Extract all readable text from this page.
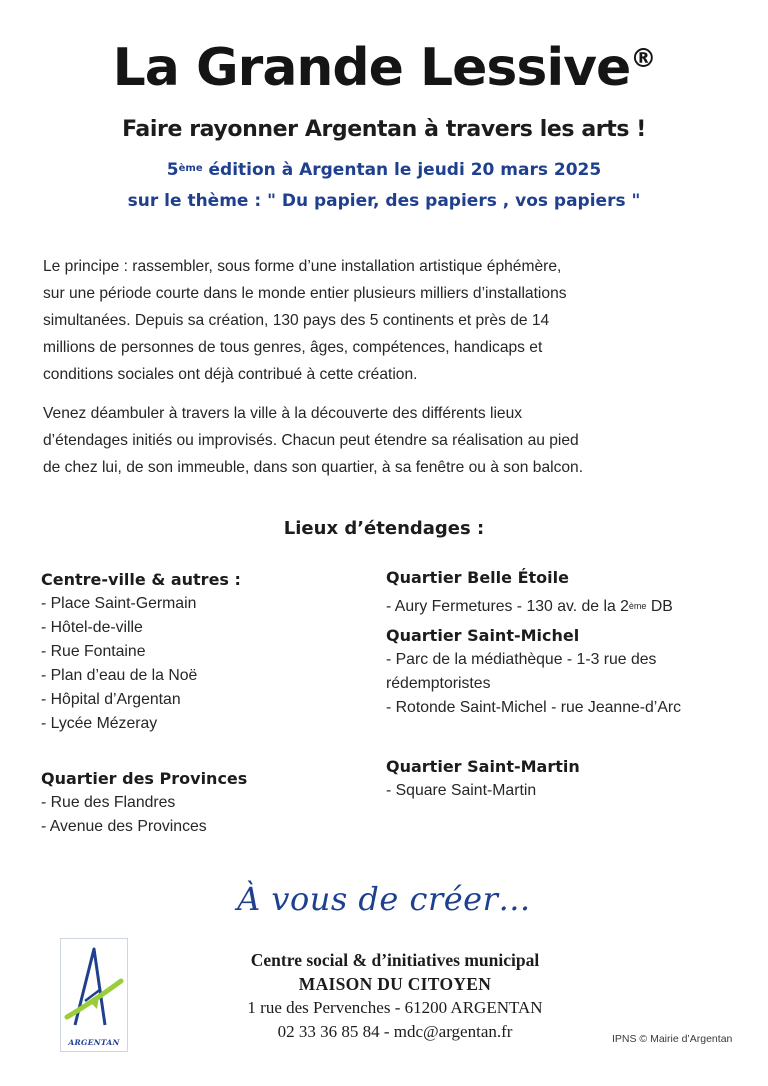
La Grande Lessive®
Faire rayonner Argentan à travers les arts !
5ème édition à Argentan le jeudi 20 mars 2025
sur le thème : " Du papier, des papiers , vos papiers "

Le principe : rassembler, sous forme d’une installation artistique éphémère,

sur une période courte dans le monde entier plusieurs milliers d’installations

simultanées. Depuis sa création, 130 pays des 5 continents et près de 14

millions de personnes de tous genres, âges, compétences, handicaps et

conditions sociales ont déjà contribué à cette création.

Venez déambuler à travers la ville à la découverte des différents lieux

d’étendages initiés ou improvisés. Chacun peut étendre sa réalisation au pied

de chez lui, de son immeuble, dans son quartier, à sa fenêtre ou à son balcon.

Lieux d’étendages :
Centre-ville & autres :
- Place Saint-Germain
- Hôtel-de-ville
- Rue Fontaine
- Plan d’eau de la Noë
- Hôpital d’Argentan
- Lycée Mézeray
Quartier des Provinces
- Rue des Flandres
- Avenue des Provinces
Quartier Belle Étoile
- Aury Fermetures - 130 av. de la 2ème DB
Quartier Saint-Michel
- Parc de la médiathèque - 1-3 rue des
rédemptoristes
- Rotonde Saint-Michel - rue Jeanne-d’Arc
Quartier Saint-Martin
- Square Saint-Martin
À vous de créer…
ARGENTAN
Centre social & d’initiatives municipal
MAISON DU CITOYEN
1 rue des Pervenches - 61200 ARGENTAN
02 33 36 85 84 - mdc@argentan.fr	IPNS © Mairie d’Argentan
